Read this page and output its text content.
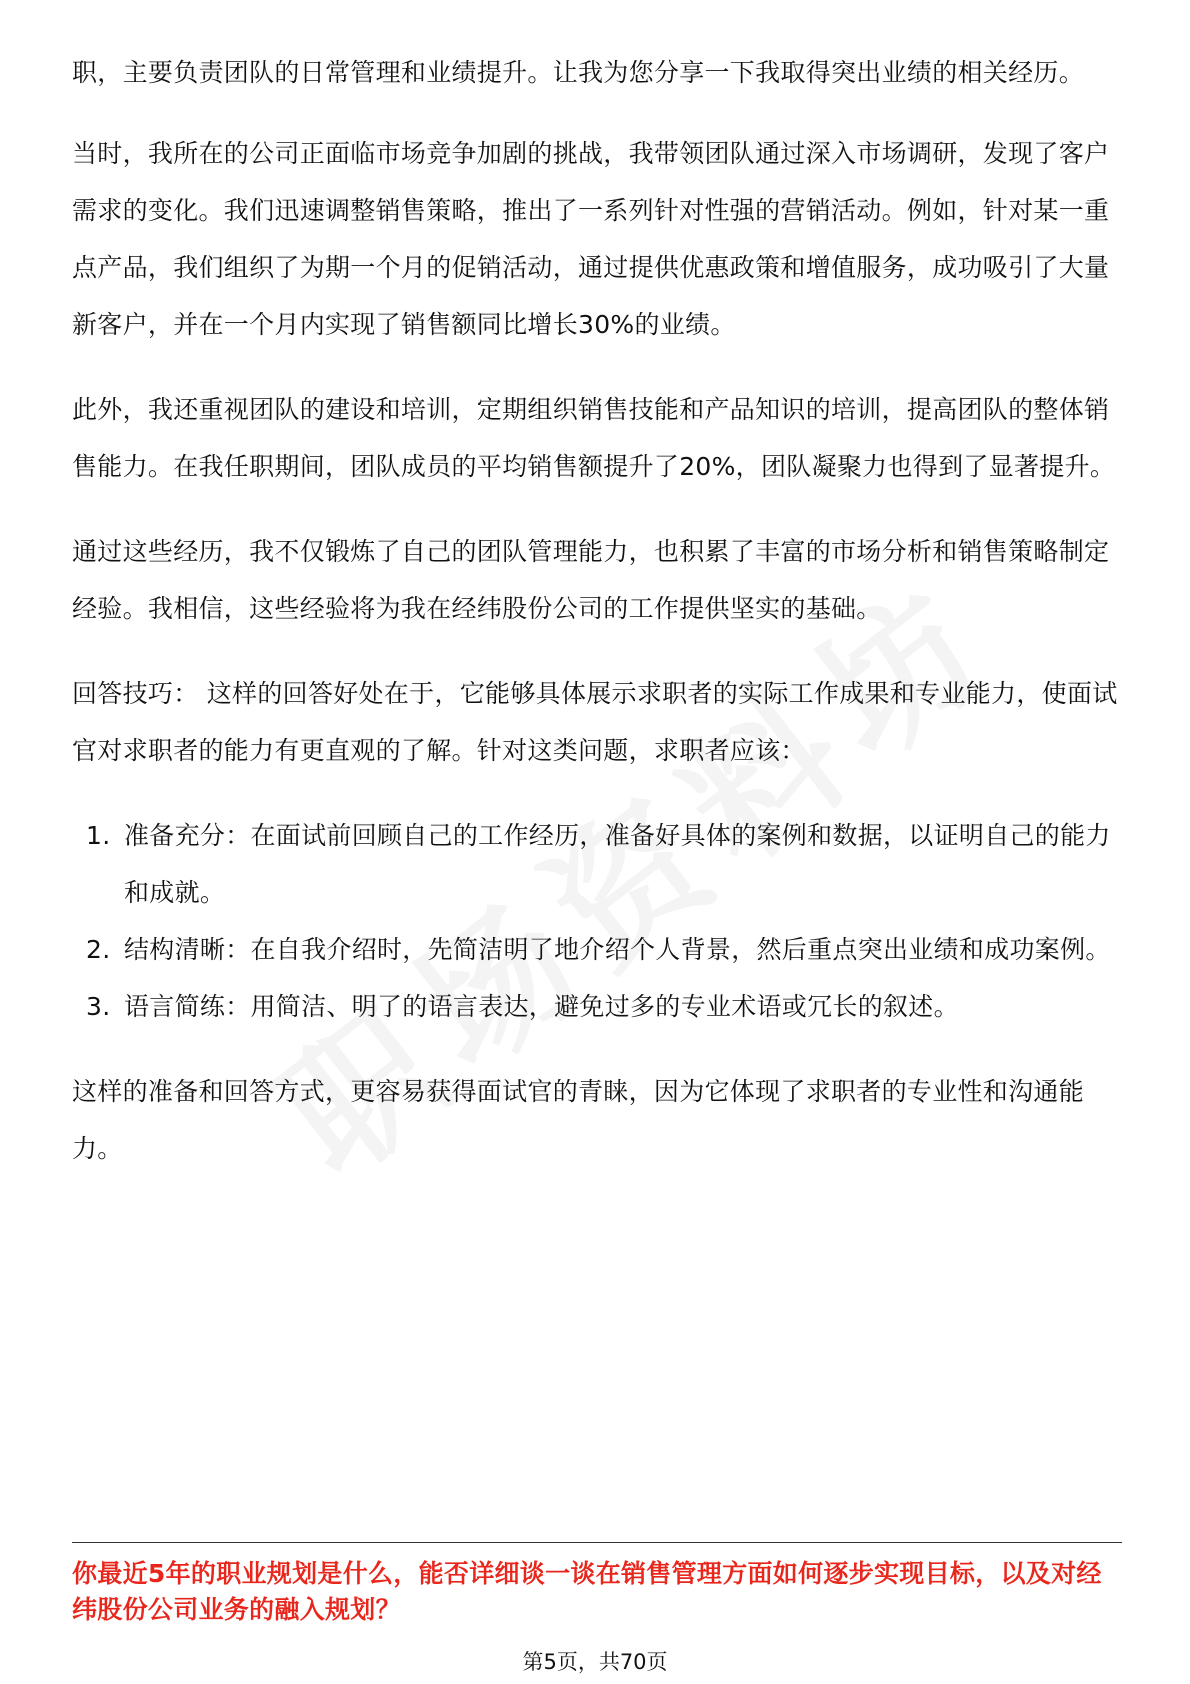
职，主要负责团队的日常管理和业绩提升。让我为您分享一下我取得突出业绩的相关经历。

当时，我所在的公司正面临市场竞争加剧的挑战，我带领团队通过深入市场调研，发现了客户需求的变化。我们迅速调整销售策略，推出了一系列针对性强的营销活动。例如，针对某一重点产品，我们组织了为期一个月的促销活动，通过提供优惠政策和增值服务，成功吸引了大量新客户，并在一个月内实现了销售额同比增长30%的业绩。

此外，我还重视团队的建设和培训，定期组织销售技能和产品知识的培训，提高团队的整体销售能力。在我任职期间，团队成员的平均销售额提升了20%，团队凝聚力也得到了显著提升。

通过这些经历，我不仅锻炼了自己的团队管理能力，也积累了丰富的市场分析和销售策略制定经验。我相信，这些经验将为我在经纬股份公司的工作提供坚实的基础。

回答技巧： 这样的回答好处在于，它能够具体展示求职者的实际工作成果和专业能力，使面试官对求职者的能力有更直观的了解。针对这类问题，求职者应该：

1. 准备充分：在面试前回顾自己的工作经历，准备好具体的案例和数据，以证明自己的能力和成就。
2. 结构清晰：在自我介绍时，先简洁明了地介绍个人背景，然后重点突出业绩和成功案例。
3. 语言简练：用简洁、明了的语言表达，避免过多的专业术语或冗长的叙述。

这样的准备和回答方式，更容易获得面试官的青睐，因为它体现了求职者的专业性和沟通能力。

你最近5年的职业规划是什么，能否详细谈一谈在销售管理方面如何逐步实现目标，以及对经纬股份公司业务的融入规划？
第5页，共70页
